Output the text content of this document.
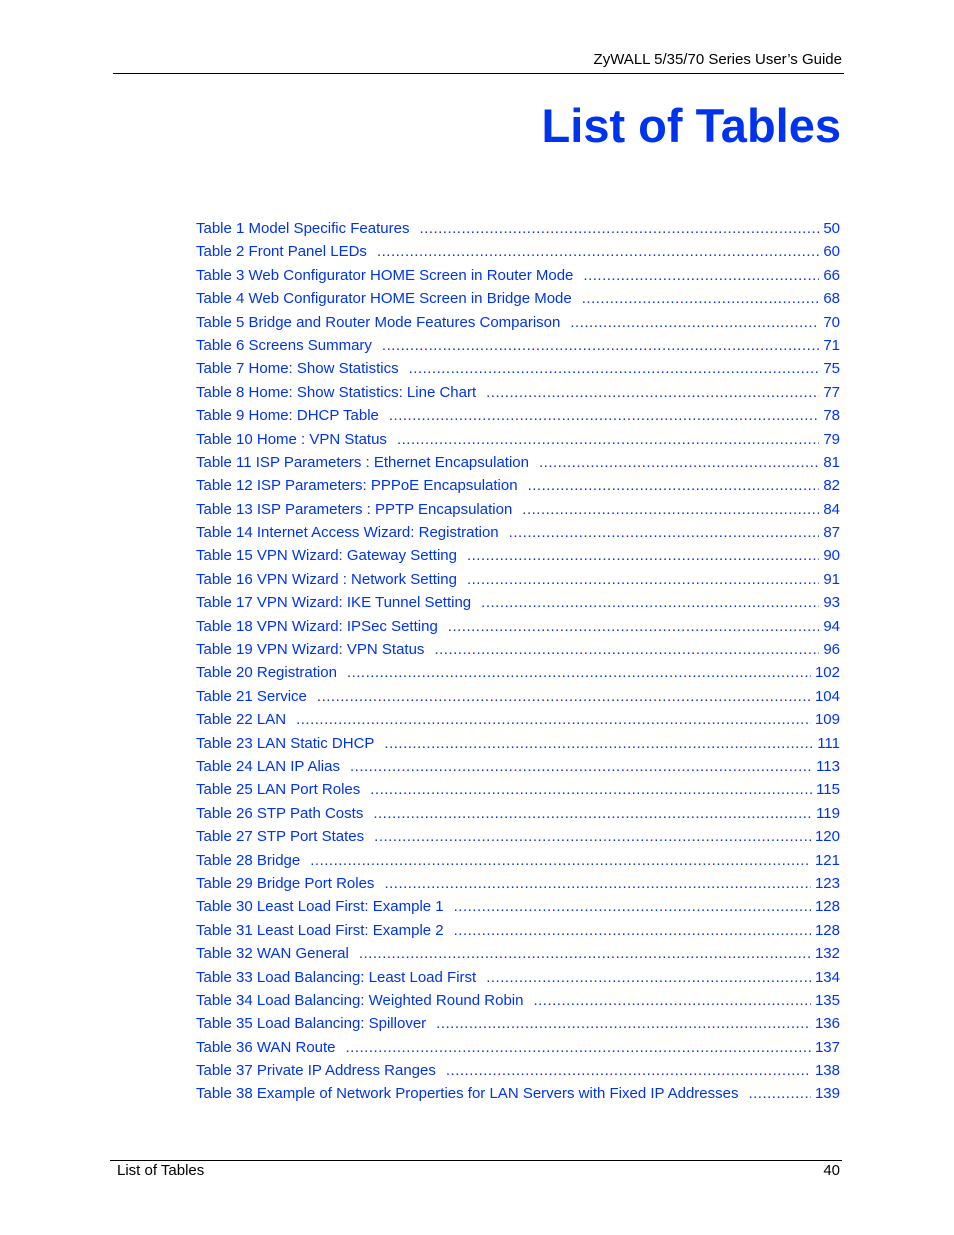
ZyWALL 5/35/70 Series User’s Guide
List of Tables
Table 1 Model Specific Features .....	50
Table 2 Front Panel LEDs .....	60
Table 3 Web Configurator HOME Screen in Router Mode .....	66
Table 4 Web Configurator HOME Screen in Bridge Mode .....	68
Table 5 Bridge and Router Mode Features Comparison .....	70
Table 6 Screens Summary .....	71
Table 7 Home: Show Statistics .....	75
Table 8 Home: Show Statistics: Line Chart .....	77
Table 9 Home: DHCP Table .....	78
Table 10 Home : VPN Status .....	79
Table 11 ISP Parameters : Ethernet Encapsulation .....	81
Table 12 ISP Parameters: PPPoE Encapsulation .....	82
Table 13 ISP Parameters : PPTP Encapsulation .....	84
Table 14 Internet Access Wizard: Registration .....	87
Table 15 VPN Wizard: Gateway Setting .....	90
Table 16 VPN Wizard : Network Setting .....	91
Table 17 VPN Wizard: IKE Tunnel Setting .....	93
Table 18 VPN Wizard: IPSec Setting .....	94
Table 19 VPN Wizard: VPN Status .....	96
Table 20 Registration .....	102
Table 21 Service .....	104
Table 22 LAN .....	109
Table 23 LAN Static DHCP .....	111
Table 24 LAN IP Alias .....	113
Table 25 LAN Port Roles .....	115
Table 26 STP Path Costs .....	119
Table 27 STP Port States .....	120
Table 28 Bridge .....	121
Table 29 Bridge Port Roles .....	123
Table 30 Least Load First: Example 1 .....	128
Table 31 Least Load First: Example 2 .....	128
Table 32 WAN General .....	132
Table 33 Load Balancing: Least Load First .....	134
Table 34 Load Balancing: Weighted Round Robin .....	135
Table 35 Load Balancing: Spillover .....	136
Table 36 WAN Route .....	137
Table 37 Private IP Address Ranges .....	138
Table 38 Example of Network Properties for LAN Servers with Fixed IP Addresses .....	139
List of Tables	40
